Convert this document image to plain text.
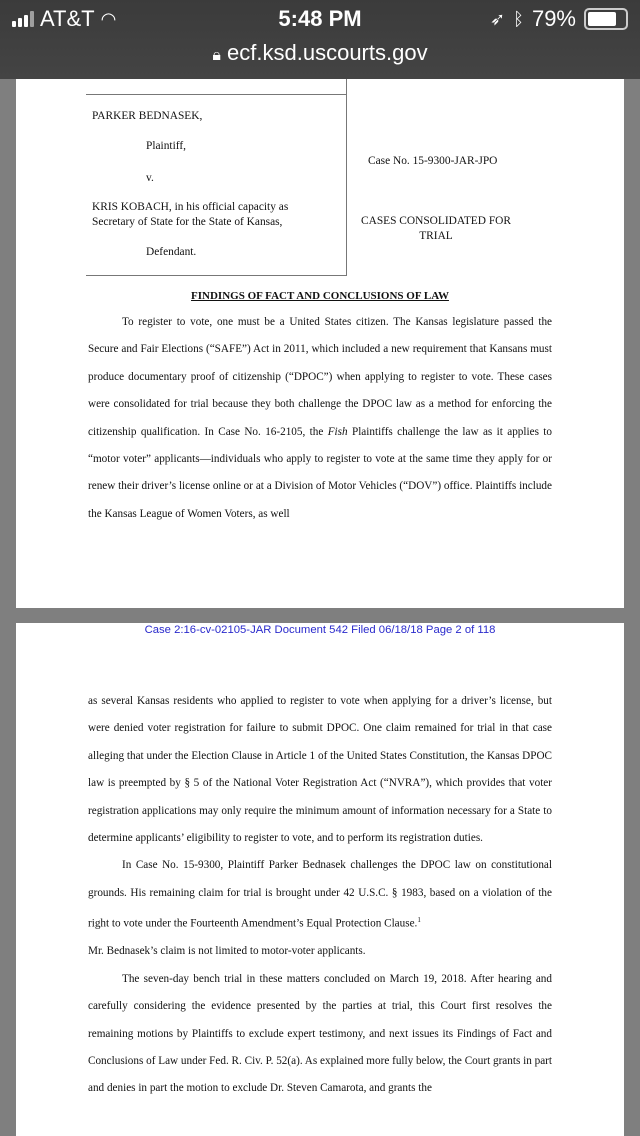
AT&T ◠	5:48 PM	➶ ᛒ 79%
🔒︎ ecf.ksd.uscourts.gov
PARKER BEDNASEK,
Plaintiff,
v.
KRIS KOBACH, in his official capacity as
Secretary of State for the State of Kansas,
Defendant.
Case No. 15-9300-JAR-JPO
CASES CONSOLIDATED FOR
TRIAL
FINDINGS OF FACT AND CONCLUSIONS OF LAW

To register to vote, one must be a United States citizen. The Kansas legislature passed the Secure and Fair Elections (“SAFE”) Act in 2011, which included a new requirement that Kansans must produce documentary proof of citizenship (“DPOC”) when applying to register to vote. These cases were consolidated for trial because they both challenge the DPOC law as a method for enforcing the citizenship qualification. In Case No. 16-2105, the Fish Plaintiffs challenge the law as it applies to “motor voter” applicants—individuals who apply to register to vote at the same time they apply for or renew their driver’s license online or at a Division of Motor Vehicles (“DOV”) office. Plaintiffs include the Kansas League of Women Voters, as well

Case 2:16-cv-02105-JAR Document 542 Filed 06/18/18 Page 2 of 118

as several Kansas residents who applied to register to vote when applying for a driver’s license, but were denied voter registration for failure to submit DPOC. One claim remained for trial in that case alleging that under the Election Clause in Article 1 of the United States Constitution, the Kansas DPOC law is preempted by § 5 of the National Voter Registration Act (“NVRA”), which provides that voter registration applications may only require the minimum amount of information necessary for a State to determine applicants’ eligibility to register to vote, and to perform its registration duties.

In Case No. 15-9300, Plaintiff Parker Bednasek challenges the DPOC law on constitutional grounds. His remaining claim for trial is brought under 42 U.S.C. § 1983, based on a violation of the right to vote under the Fourteenth Amendment’s Equal Protection Clause.$^1$

Mr. Bednasek’s claim is not limited to motor-voter applicants.

The seven-day bench trial in these matters concluded on March 19, 2018. After hearing and carefully considering the evidence presented by the parties at trial, this Court first resolves the remaining motions by Plaintiffs to exclude expert testimony, and next issues its Findings of Fact and Conclusions of Law under Fed. R. Civ. P. 52(a). As explained more fully below, the Court grants in part and denies in part the motion to exclude Dr. Steven Camarota, and grants the
